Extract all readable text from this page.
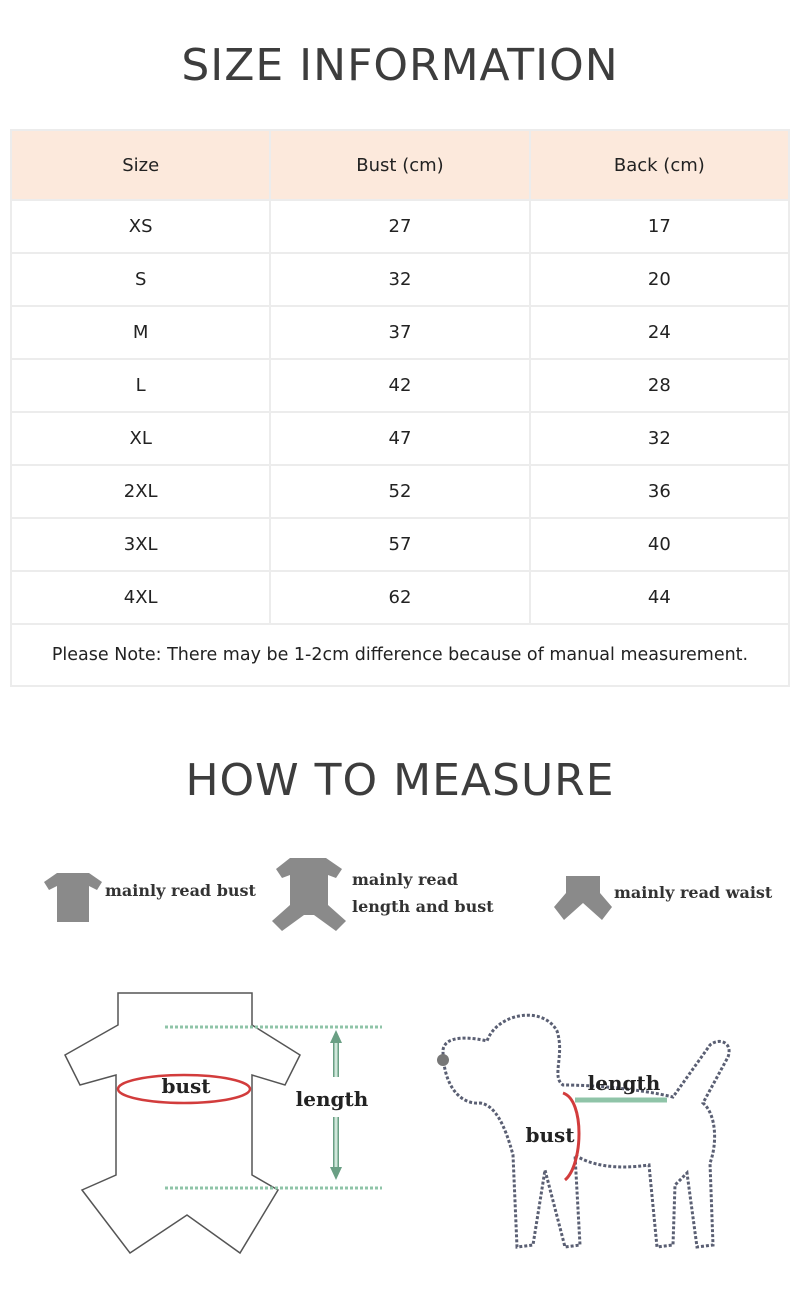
SIZE INFORMATION
Size	Bust (cm)	Back (cm)
XS	27	17
S	32	20
M	37	24
L	42	28
XL	47	32
2XL	52	36
3XL	57	40
4XL	62	44
Please Note: There may be 1-2cm difference because of manual measurement.		
HOW TO MEASURE
mainly read bust
mainly read
length and bust
mainly read waist
bust
length
length
bust
